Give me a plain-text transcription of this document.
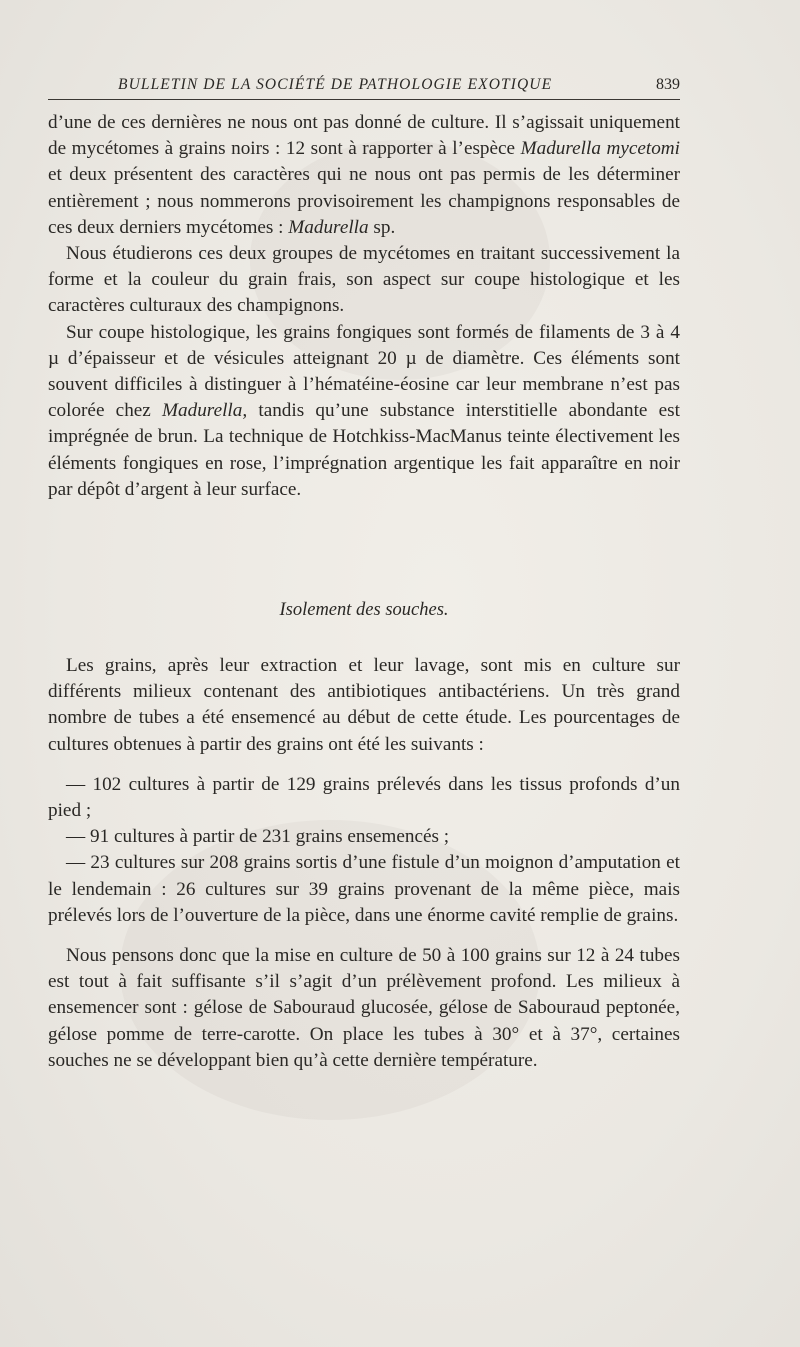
BULLETIN DE LA SOCIÉTÉ DE PATHOLOGIE EXOTIQUE	839

d’une de ces dernières ne nous ont pas donné de culture. Il s’agissait uniquement de mycétomes à grains noirs : 12 sont à rapporter à l’espèce Madurella mycetomi et deux présentent des caractères qui ne nous ont pas permis de les déterminer entièrement ; nous nommerons provisoirement les champignons responsables de ces deux derniers mycétomes : Madurella sp.

Nous étudierons ces deux groupes de mycétomes en traitant successivement la forme et la couleur du grain frais, son aspect sur coupe histologique et les caractères culturaux des champignons.

Sur coupe histologique, les grains fongiques sont formés de filaments de 3 à 4 µ d’épaisseur et de vésicules atteignant 20 µ de diamètre. Ces éléments sont souvent difficiles à distinguer à l’hématéine-éosine car leur membrane n’est pas colorée chez Madurella, tandis qu’une substance interstitielle abondante est imprégnée de brun. La technique de Hotchkiss-MacManus teinte électivement les éléments fongiques en rose, l’imprégnation argentique les fait apparaître en noir par dépôt d’argent à leur surface.

Isolement des souches.

Les grains, après leur extraction et leur lavage, sont mis en culture sur différents milieux contenant des antibiotiques antibactériens. Un très grand nombre de tubes a été ensemencé au début de cette étude. Les pourcentages de cultures obtenues à partir des grains ont été les suivants :

— 102 cultures à partir de 129 grains prélevés dans les tissus profonds d’un pied ;

— 91 cultures à partir de 231 grains ensemencés ;

— 23 cultures sur 208 grains sortis d’une fistule d’un moignon d’amputation et le lendemain : 26 cultures sur 39 grains provenant de la même pièce, mais prélevés lors de l’ouverture de la pièce, dans une énorme cavité remplie de grains.

Nous pensons donc que la mise en culture de 50 à 100 grains sur 12 à 24 tubes est tout à fait suffisante s’il s’agit d’un prélèvement profond. Les milieux à ensemencer sont : gélose de Sabouraud glucosée, gélose de Sabouraud peptonée, gélose pomme de terre-carotte. On place les tubes à 30° et à 37°, certaines souches ne se développant bien qu’à cette dernière température.
